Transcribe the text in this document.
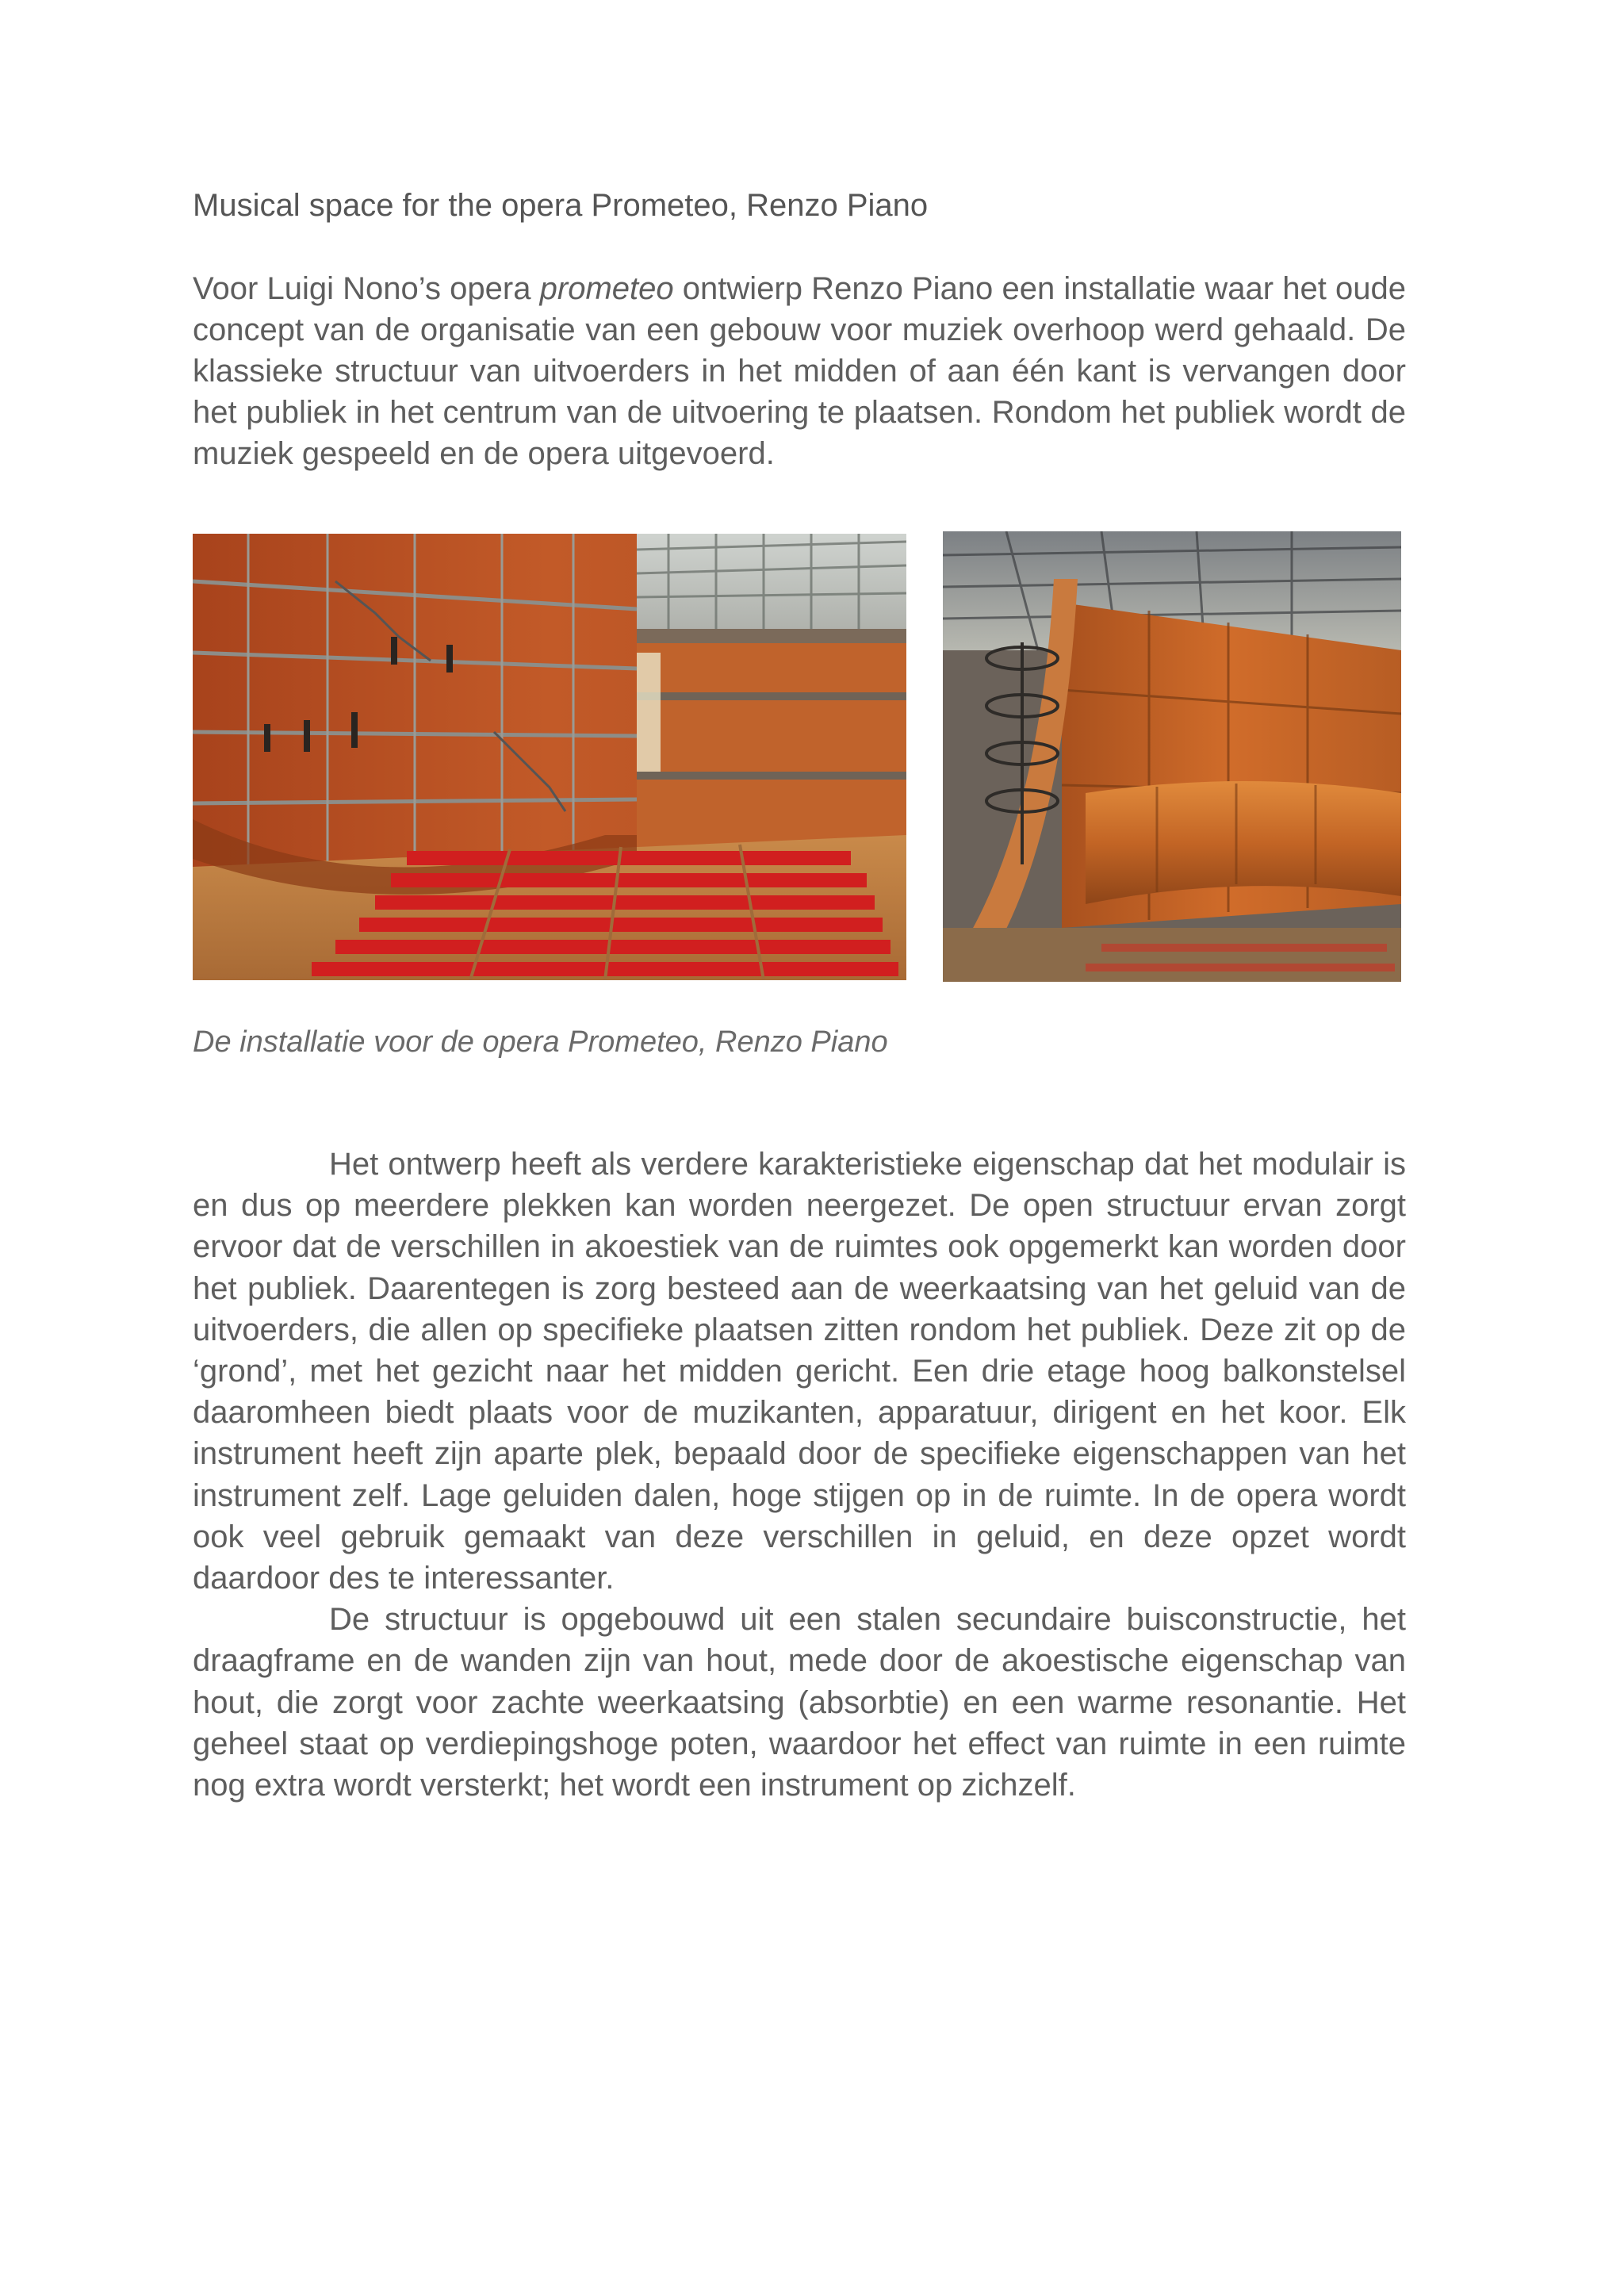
Musical space for the opera Prometeo, Renzo Piano

Voor Luigi Nono’s opera prometeo ontwierp Renzo Piano een installatie waar het oude concept van de organisatie van een gebouw voor muziek overhoop werd gehaald. De klassieke structuur van uitvoerders in het midden of aan één kant is vervangen door het publiek in het centrum van de uitvoering te plaatsen. Rondom het publiek wordt de muziek gespeeld en de opera uitgevoerd.

De installatie voor de opera Prometeo, Renzo Piano

Het ontwerp heeft als verdere karakteristieke eigenschap dat het modulair is en dus op meerdere plekken kan worden neergezet. De open structuur ervan zorgt ervoor dat de verschillen in akoestiek van de ruimtes ook opgemerkt kan worden door het publiek. Daarentegen is zorg besteed aan de weerkaatsing van het geluid van de uitvoerders, die allen op specifieke plaatsen zitten rondom het publiek. Deze zit op de ‘grond’, met het gezicht naar het midden gericht. Een drie etage hoog balkonstelsel daaromheen biedt plaats voor de muzikanten, apparatuur, dirigent en het koor. Elk instrument heeft zijn aparte plek, bepaald door de specifieke eigenschappen van het instrument zelf. Lage geluiden dalen, hoge stijgen op in de ruimte. In de opera wordt ook veel gebruik gemaakt van deze verschillen in geluid, en deze opzet wordt daardoor des te interessanter.

De structuur is opgebouwd uit een stalen secundaire buisconstructie, het draagframe en de wanden zijn van hout, mede door de akoestische eigenschap van hout, die zorgt voor zachte weerkaatsing (absorbtie) en een warme resonantie. Het geheel staat op verdiepingshoge poten, waardoor het effect van ruimte in een ruimte nog extra wordt versterkt; het wordt een instrument op zichzelf.
